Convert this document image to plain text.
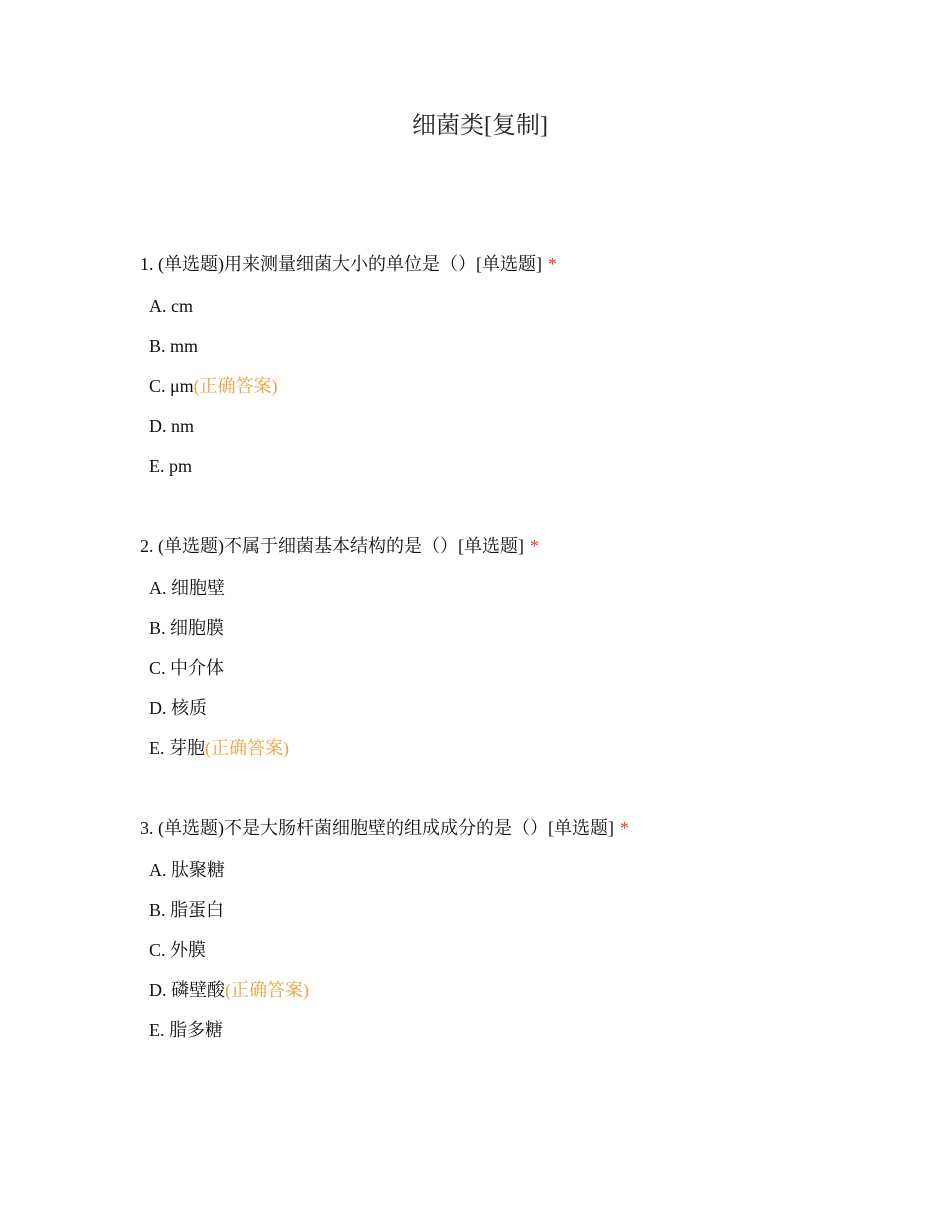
细菌类[复制]
1. (单选题)用来测量细菌大小的单位是（）[单选题] *
A. cm
B. mm
C. μm(正确答案)
D. nm
E. pm
2. (单选题)不属于细菌基本结构的是（）[单选题] *
A. 细胞壁
B. 细胞膜
C. 中介体
D. 核质
E. 芽胞(正确答案)
3. (单选题)不是大肠杆菌细胞壁的组成成分的是（）[单选题] *
A. 肽聚糖
B. 脂蛋白
C. 外膜
D. 磷壁酸(正确答案)
E. 脂多糖
